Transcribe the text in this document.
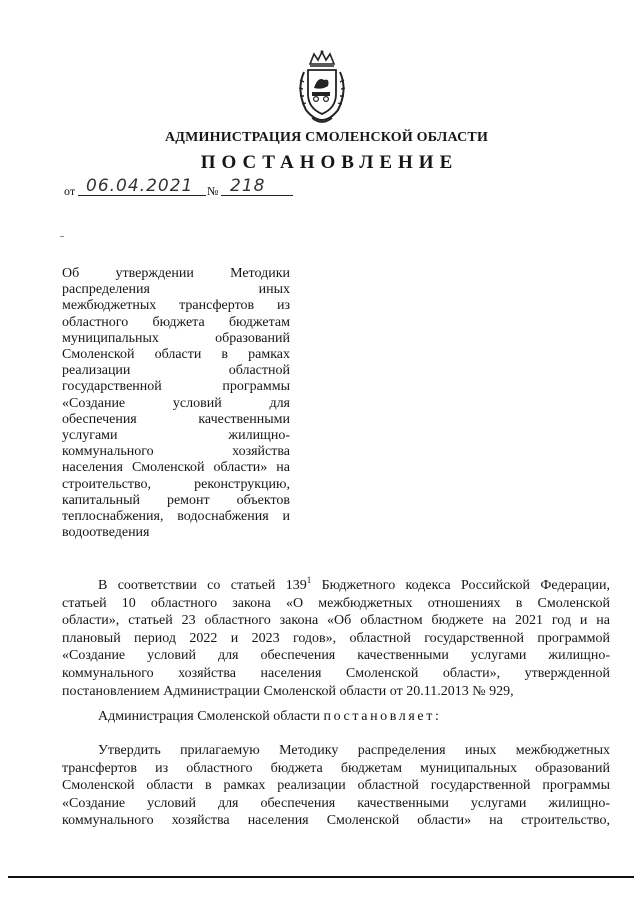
АДМИНИСТРАЦИЯ СМОЛЕНСКОЙ ОБЛАСТИ
ПОСТАНОВЛЕНИЕ
от 06.04.2021 № 218
Об утверждении Методики
распределения иных
межбюджетных трансфертов из
областного бюджета бюджетам
муниципальных образований
Смоленской области в рамках
реализации областной
государственной программы
«Создание условий для
обеспечения качественными
услугами жилищно-
коммунального хозяйства
населения Смоленской области» на
строительство, реконструкцию,
капитальный ремонт объектов
теплоснабжения, водоснабжения и
водоотведения
В соответствии со статьей $139^1$ Бюджетного кодекса Российской Федерации,
статьей 10 областного закона «О межбюджетных отношениях в Смоленской
области», статьей 23 областного закона «Об областном бюджете на 2021 год и на
плановый период 2022 и 2023 годов», областной государственной программой
«Создание условий для обеспечения качественными услугами жилищно-
коммунального хозяйства населения Смоленской области», утвержденной
постановлением Администрации Смоленской области от 20.11.2013 № 929,
Администрация Смоленской области постановляет:
Утвердить прилагаемую Методику распределения иных межбюджетных
трансфертов из областного бюджета бюджетам муниципальных образований
Смоленской области в рамках реализации областной государственной программы
«Создание условий для обеспечения качественными услугами жилищно-
коммунального хозяйства населения Смоленской области» на строительство,
